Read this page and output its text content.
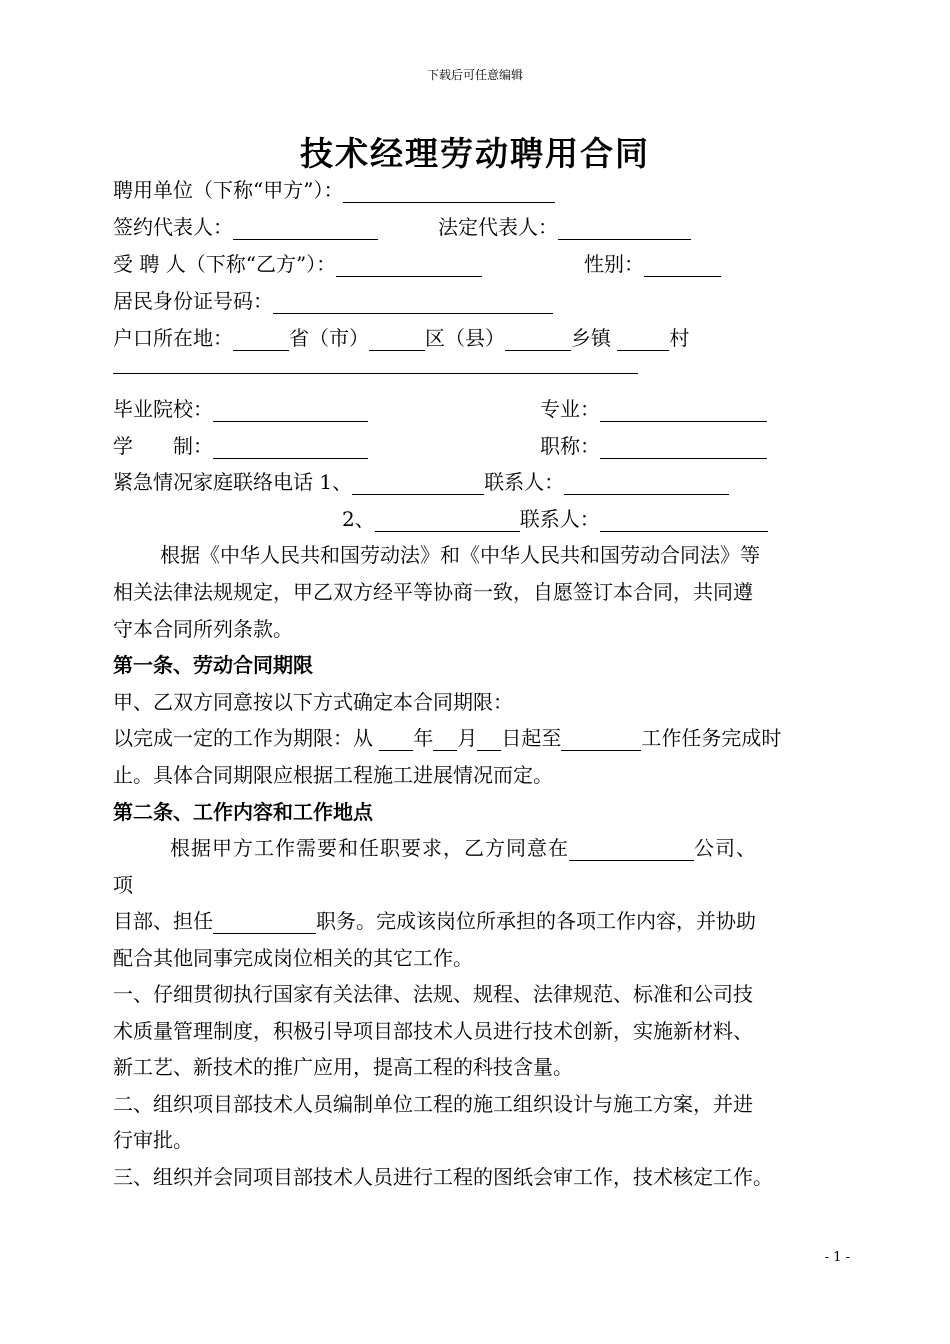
下载后可任意编辑
技术经理劳动聘用合同
聘用单位（下称“甲方”）：
签约代表人：	法定代表人：
受 聘 人（下称“乙方”）：	性别：
居民身份证号码：
户口所在地：	省（市）	区（县）	乡镇	村
毕业院校：	专业：
学　　制：	职称：
紧急情况家庭联络电话 1、	联系人：
2、	联系人：
根据《中华人民共和国劳动法》和《中华人民共和国劳动合同法》等
相关法律法规规定，甲乙双方经平等协商一致，自愿签订本合同，共同遵
守本合同所列条款。
第一条、劳动合同期限
甲、乙双方同意按以下方式确定本合同期限：
以完成一定的工作为期限：从 年 月 日起至	工作任务完成时
止。具体合同期限应根据工程施工进展情况而定。
第二条、工作内容和工作地点
根据甲方工作需要和任职要求，乙方同意在	公司、
项
目部、担任	职务。完成该岗位所承担的各项工作内容，并协助
配合其他同事完成岗位相关的其它工作。
一、仔细贯彻执行国家有关法律、法规、规程、法律规范、标准和公司技
术质量管理制度，积极引导项目部技术人员进行技术创新，实施新材料、
新工艺、新技术的推广应用，提高工程的科技含量。
二、组织项目部技术人员编制单位工程的施工组织设计与施工方案，并进
行审批。
三、组织并会同项目部技术人员进行工程的图纸会审工作，技术核定工作。
- 1 -
